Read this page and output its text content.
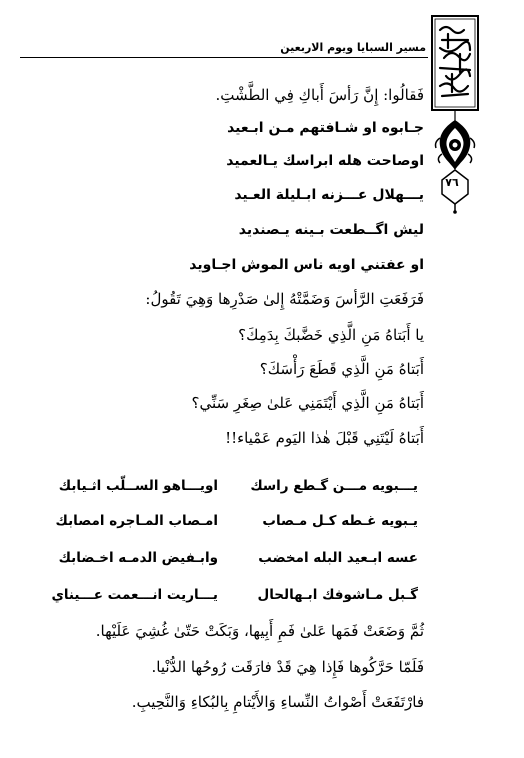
مسير السبايا ويوم الاربعين
٧٦
فَقالُوا: إِنَّ رَأسَ أَباكِ فِي الطَّشْتِ.
جـابوه او شـافتهم مـن ابـعيد
اوصاحت هله ابراسك يـالعميد
يـــهلال عـــزنه ابـليلة العـيد
ليش اگــطعت بـينه يـصنديد
او عفتني اويه ناس الموش اجـاويد
فَرَفَعَتِ الرَّأسَ وَضَمَّتْهُ إِلىٰ صَدْرِها وَهِيَ تَقُولُ:
يا أَبَتاهُ مَنِ الَّذِي خَضَّبكَ بِدَمِكَ؟
أَبَتاهُ مَنِ الَّذِي قَطَعَ رَأْسَكَ؟
أَبَتاهُ مَنِ الَّذِي أَيْتَمَنِي عَلىٰ صِغَرِ سَنِّي؟
أَبَتاهُ لَيْتَنِي قَبْلَ هٰذا اليَوم عَمْياء!!
يـــبويه مـــن گـطع راسك
اويـــاهو الســلّب اثـيابك
يـبويه غـطه كـل مـصاب
امـصاب المـاجره امصابك
عسه ابـعيد البله امخضب
وابـفيض الدمـه اخـضابك
گـبل مـاشوفك ابـهالحال
يـــاريت انـــعمت عـــيناي
ثُمَّ وَضَعَتْ فَمَها عَلىٰ فَمِ أَبِيها، وَبَكَتْ حَتّىٰ غُشِيَ عَلَيْها.
فَلَمّا حَرَّكُوها فَإِذا هِيَ قَدْ فارَقَت رُوحُها الدُّنْيا.
فارْتَفَعَتْ أَصْواتُ النِّساءِ وَالأَيْتامِ بِالبُكاءِ وَالنَّحِيبِ.
